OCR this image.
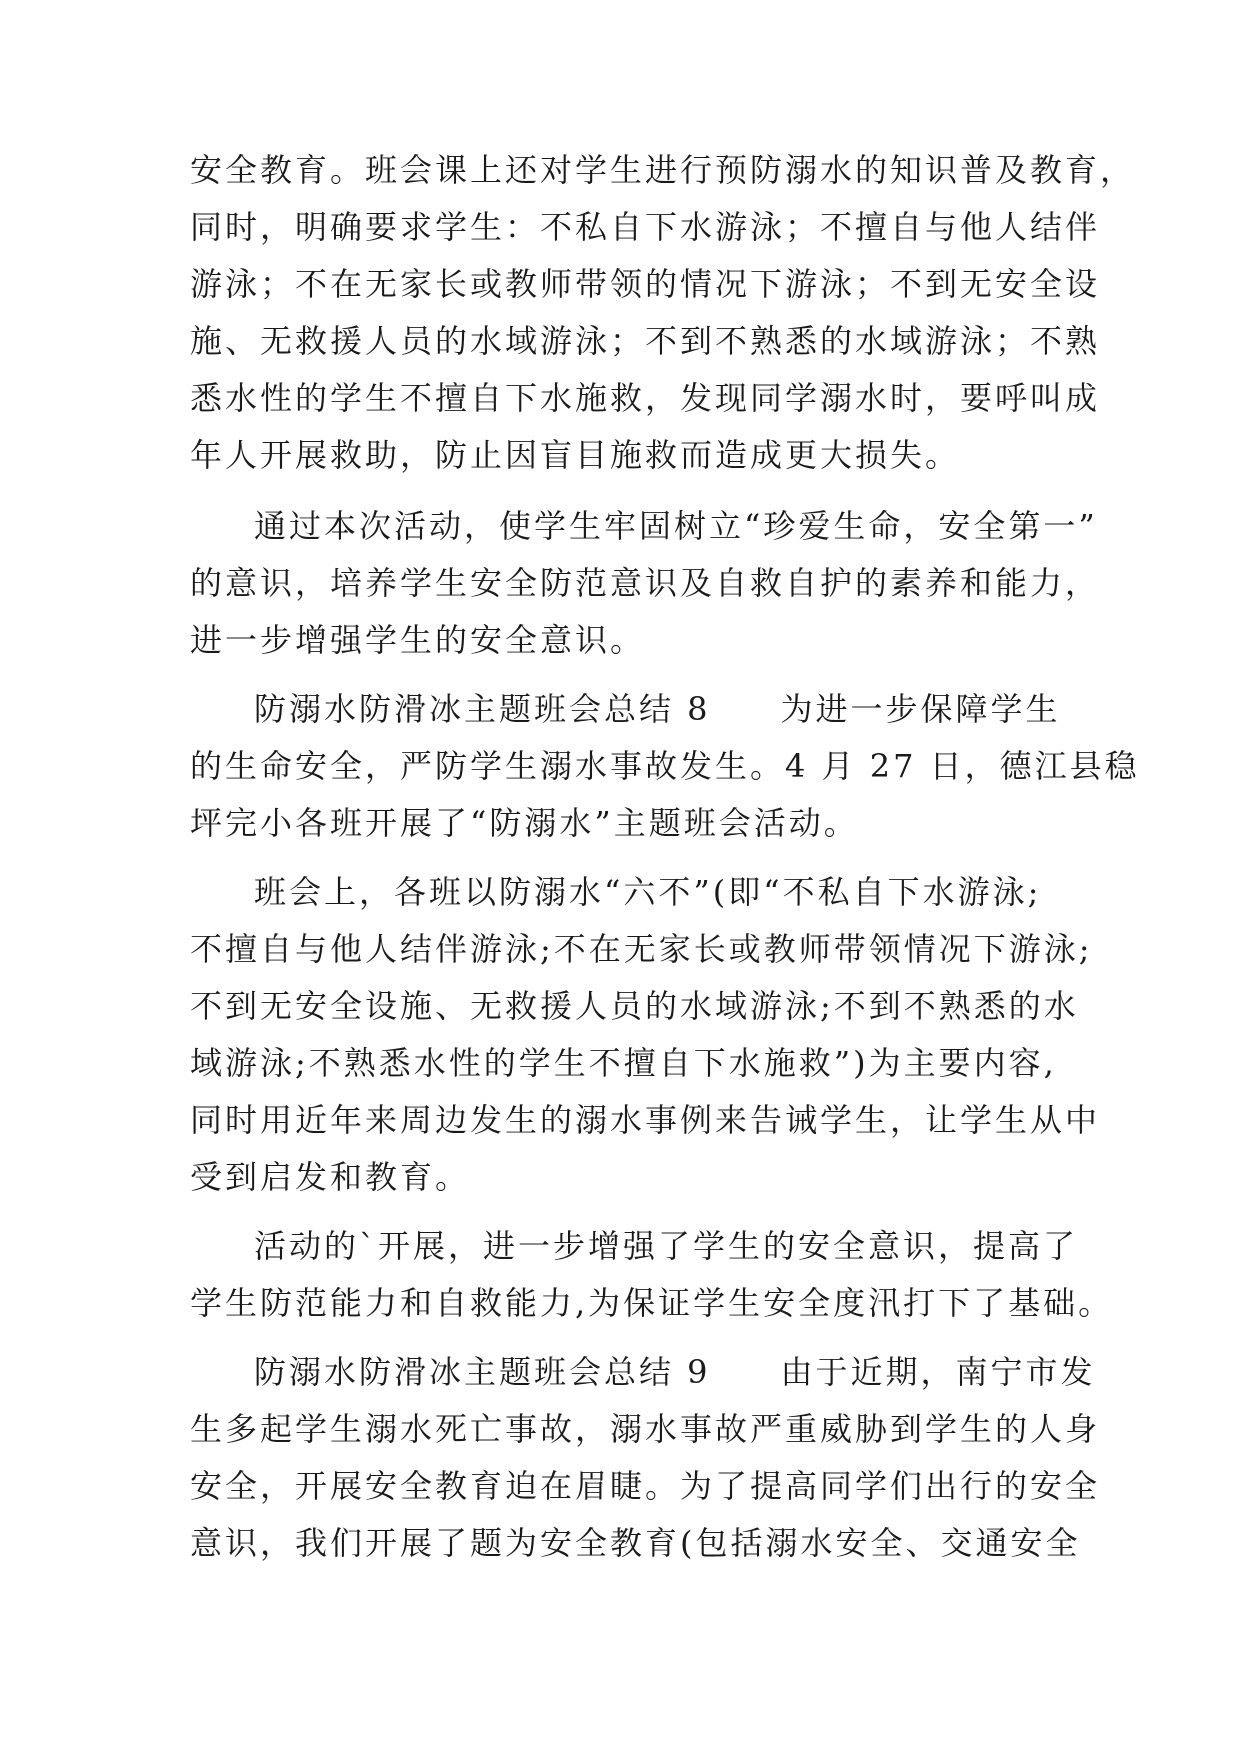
安全教育。班会课上还对学生进行预防溺水的知识普及教育，
同时，明确要求学生：不私自下水游泳；不擅自与他人结伴
游泳；不在无家长或教师带领的情况下游泳；不到无安全设
施、无救援人员的水域游泳；不到不熟悉的水域游泳；不熟
悉水性的学生不擅自下水施救，发现同学溺水时，要呼叫成
年人开展救助，防止因盲目施救而造成更大损失。
通过本次活动，使学生牢固树立“珍爱生命，安全第一”
的意识，培养学生安全防范意识及自救自护的素养和能力，
进一步增强学生的安全意识。
防溺水防滑冰主题班会总结 8　　为进一步保障学生
的生命安全，严防学生溺水事故发生。4 月 27 日，德江县稳
坪完小各班开展了“防溺水”主题班会活动。
班会上，各班以防溺水“六不”(即“不私自下水游泳;
不擅自与他人结伴游泳;不在无家长或教师带领情况下游泳;
不到无安全设施、无救援人员的水域游泳;不到不熟悉的水
域游泳;不熟悉水性的学生不擅自下水施救”)为主要内容,
同时用近年来周边发生的溺水事例来告诫学生，让学生从中
受到启发和教育。
活动的`开展，进一步增强了学生的安全意识，提高了
学生防范能力和自救能力,为保证学生安全度汛打下了基础。
防溺水防滑冰主题班会总结 9　　由于近期，南宁市发
生多起学生溺水死亡事故，溺水事故严重威胁到学生的人身
安全，开展安全教育迫在眉睫。为了提高同学们出行的安全
意识，我们开展了题为安全教育(包括溺水安全、交通安全
